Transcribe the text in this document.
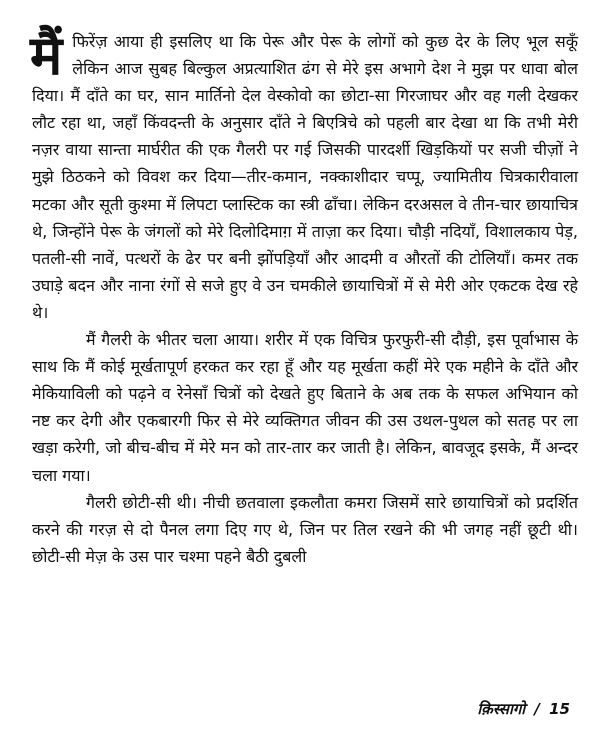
मैं फिरेंज़ आया ही इसलिए था कि पेरू और पेरू के लोगों को कुछ देर के लिए भूल सकूँ लेकिन आज सुबह बिल्कुल अप्रत्याशित ढंग से मेरे इस अभागे देश ने मुझ पर धावा बोल दिया। मैं दाँते का घर, सान मार्तिनो देल वेस्कोवो का छोटा-सा गिरजाघर और वह गली देखकर लौट रहा था, जहाँ किंवदन्ती के अनुसार दाँते ने बिएत्रिचे को पहली बार देखा था कि तभी मेरी नज़र वाया सान्ता मार्घरीत की एक गैलरी पर गई जिसकी पारदर्शी खिड़कियों पर सजी चीज़ों ने मुझे ठिठकने को विवश कर दिया—तीर-कमान, नक्काशीदार चप्पू, ज्यामितीय चित्रकारीवाला मटका और सूती कुश्मा में लिपटा प्लास्टिक का स्त्री ढाँचा। लेकिन दरअसल वे तीन-चार छायाचित्र थे, जिन्होंने पेरू के जंगलों को मेरे दिलोदिमाग़ में ताज़ा कर दिया। चौड़ी नदियाँ, विशालकाय पेड़, पतली-सी नावें, पत्थरों के ढेर पर बनी झोंपड़ियाँ और आदमी व औरतों की टोलियाँ। कमर तक उघाड़े बदन और नाना रंगों से सजे हुए वे उन चमकीले छायाचित्रों में से मेरी ओर एकटक देख रहे थे।

मैं गैलरी के भीतर चला आया। शरीर में एक विचित्र फुरफुरी-सी दौड़ी, इस पूर्वाभास के साथ कि मैं कोई मूर्खतापूर्ण हरकत कर रहा हूँ और यह मूर्खता कहीं मेरे एक महीने के दाँते और मेकियाविली को पढ़ने व रेनेसाँ चित्रों को देखते हुए बिताने के अब तक के सफल अभियान को नष्ट कर देगी और एकबारगी फिर से मेरे व्यक्तिगत जीवन की उस उथल-पुथल को सतह पर ला खड़ा करेगी, जो बीच-बीच में मेरे मन को तार-तार कर जाती है। लेकिन, बावजूद इसके, मैं अन्दर चला गया।

गैलरी छोटी-सी थी। नीची छतवाला इकलौता कमरा जिसमें सारे छायाचित्रों को प्रदर्शित करने की गरज़ से दो पैनल लगा दिए गए थे, जिन पर तिल रखने की भी जगह नहीं छूटी थी। छोटी-सी मेज़ के उस पार चश्मा पहने बैठी दुबली

क़िस्सागो / 15
